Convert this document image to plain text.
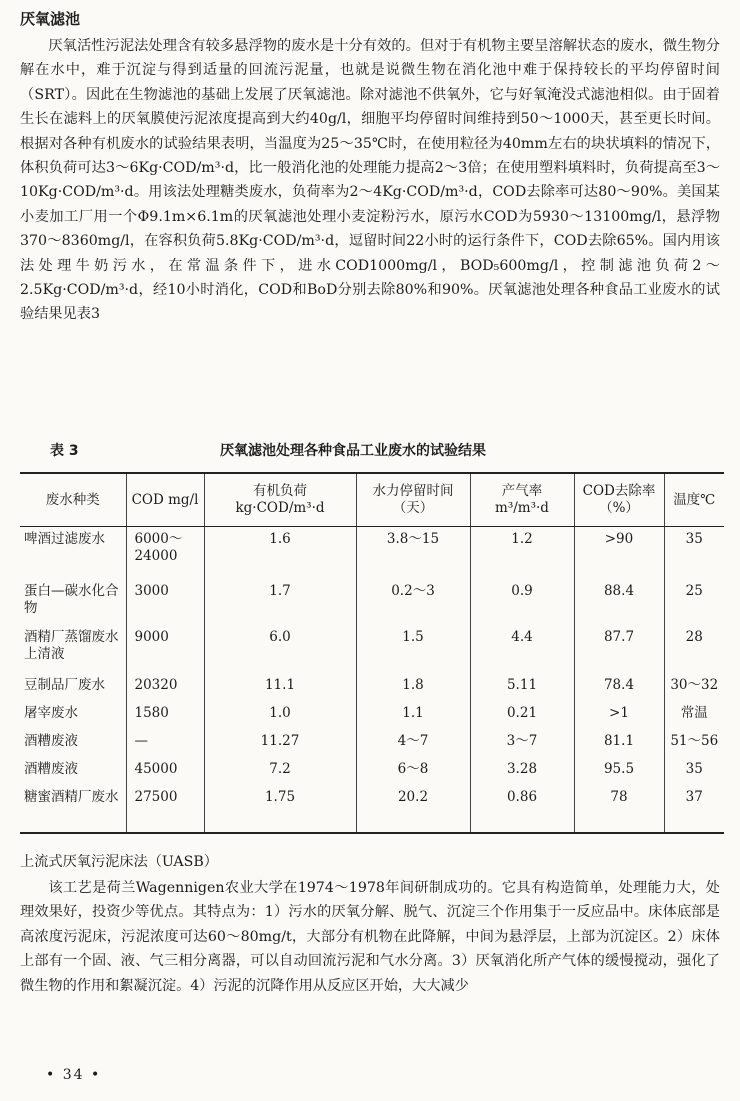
厌氧滤池

厌氧活性污泥法处理含有较多悬浮物的废水是十分有效的。但对于有机物主要呈溶解状态的废水，微生物分解在水中，难于沉淀与得到适量的回流污泥量，也就是说微生物在消化池中难于保持较长的平均停留时间（SRT）。因此在生物滤池的基础上发展了厌氧滤池。除对滤池不供氧外，它与好氧淹没式滤池相似。由于固着生长在滤料上的厌氧膜使污泥浓度提高到大约40g/l，细胞平均停留时间维持到50～1000天，甚至更长时间。根据对各种有机废水的试验结果表明，当温度为25～35℃时，在使用粒径为40mm左右的块状填料的情况下，体积负荷可达3～6Kg·COD/m³·d，比一般消化池的处理能力提高2～3倍；在使用塑料填料时，负荷提高至3～10Kg·COD/m³·d。用该法处理糖类废水，负荷率为2～4Kg·COD/m³·d，COD去除率可达80～90%。美国某小麦加工厂用一个Φ9.1m×6.1m的厌氧滤池处理小麦淀粉污水，原污水COD为5930～13100mg/l，悬浮物370～8360mg/l，在容积负荷5.8Kg·COD/m³·d，逗留时间22小时的运行条件下，COD去除65%。国内用该法处理牛奶污水，在常温条件下，进水COD1000mg/l，BOD₅600mg/l，控制滤池负荷2～2.5Kg·COD/m³·d，经10小时消化，COD和BoD分别去除80%和90%。厌氧滤池处理各种食品工业废水的试验结果见表3

表 3	厌氧滤池处理各种食品工业废水的试验结果
废水种类	COD mg/l	有机负荷 kg·COD/m³·d	水力停留时间（天）	产气率 m³/m³·d	COD去除率（%）	温度℃
啤酒过滤废水	6000～24000	1.6	3.8～15	1.2	>90	35
蛋白—碳水化合物	3000	1.7	0.2～3	0.9	88.4	25
酒精厂蒸馏废水上清液	9000	6.0	1.5	4.4	87.7	28
豆制品厂废水	20320	11.1	1.8	5.11	78.4	30～32
屠宰废水	1580	1.0	1.1	0.21	>1	常温
酒糟废液	—	11.27	4～7	3～7	81.1	51～56
酒糟废液	45000	7.2	6～8	3.28	95.5	35
糖蜜酒精厂废水	27500	1.75	20.2	0.86	78	37
上流式厌氧污泥床法（UASB）

该工艺是荷兰Wagennigen农业大学在1974～1978年间研制成功的。它具有构造简单，处理能力大，处理效果好，投资少等优点。其特点为：1）污水的厌氧分解、脱气、沉淀三个作用集于一反应品中。床体底部是高浓度污泥床，污泥浓度可达60～80mg/t，大部分有机物在此降解，中间为悬浮层，上部为沉淀区。2）床体上部有一个固、液、气三相分离器，可以自动回流污泥和气水分离。3）厌氧消化所产气体的缓慢搅动，强化了微生物的作用和絮凝沉淀。4）污泥的沉降作用从反应区开始，大大减少

• 34 •
